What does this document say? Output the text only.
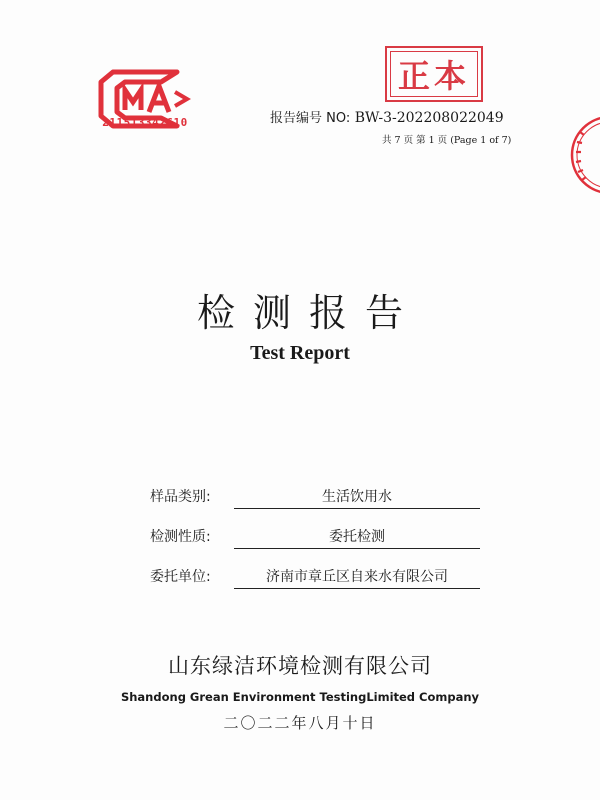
211513342610
正本
报告编号 NO: BW-3-202208022049
共 7 页 第 1 页 (Page 1 of 7)
检测报告
Test Report
样品类别:	生活饮用水
检测性质:	委托检测
委托单位:	济南市章丘区自来水有限公司
山东绿洁环境检测有限公司
Shandong Grean Environment TestingLimited Company
二〇二二年八月十日
